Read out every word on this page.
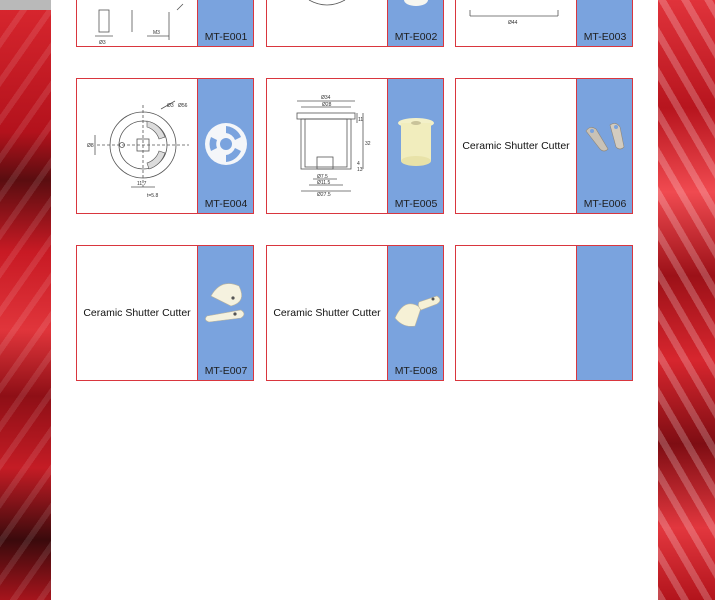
Ø3
M3	MT-E001	MT-E002
Ø44
MT-E003
Ø3 Ø56
Ø8
11.7
t=5.8
MT-E004
Ø34
Ø28
11
32
4
13
Ø7.5
Ø11.5
Ø27.5
MT-E005
Ceramic Shutter Cutter
MT-E006
Ceramic Shutter Cutter
MT-E007
Ceramic Shutter Cutter
MT-E008
